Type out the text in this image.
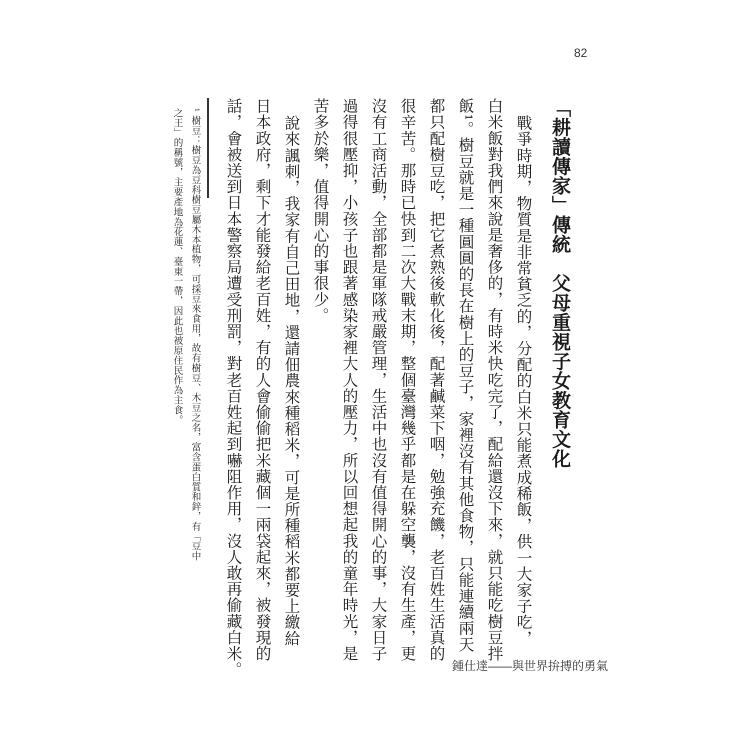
82
「耕讀傳家」傳統　父母重視子女教育文化
戰爭時期，物質是非常貧乏的，分配的白米只能煮成稀飯，供一大家子吃，
白米飯對我們來說是奢侈的，有時米快吃完了，配給還沒下來，就只能吃樹豆拌
飯¹。樹豆就是一種圓圓的長在樹上的豆子，家裡沒有其他食物，只能連續兩天
都只配樹豆吃，把它煮熟後軟化後，配著鹹菜下咽，勉強充饑，老百姓生活真的
很辛苦。那時已快到二次大戰末期，整個臺灣幾乎都是在躲空襲，沒有生產，更
沒有工商活動，全部都是軍隊戒嚴管理，生活中也沒有值得開心的事，大家日子
過得很壓抑，小孩子也跟著感染家裡大人的壓力，所以回想起我的童年時光，是
苦多於樂，值得開心的事很少。
說來諷刺，我家有自己田地，還請佃農來種稻米，可是所種稻米都要上繳給
日本政府，剩下才能發給老百姓，有的人會偷偷把米藏個一兩袋起來，被發現的
話，會被送到日本警察局遭受刑罰，對老百姓起到嚇阻作用，沒人敢再偷藏白米。
¹ 樹豆：樹豆為豆科樹豆屬木本植物，可採豆來食用，故有樹豆、木豆之名，富含蛋白質和鋅，有「豆中
之王」的稱號，主要產地為花蓮、臺東一帶，因此也被原住民作為主食。
鍾仕達——與世界拚搏的勇氣
